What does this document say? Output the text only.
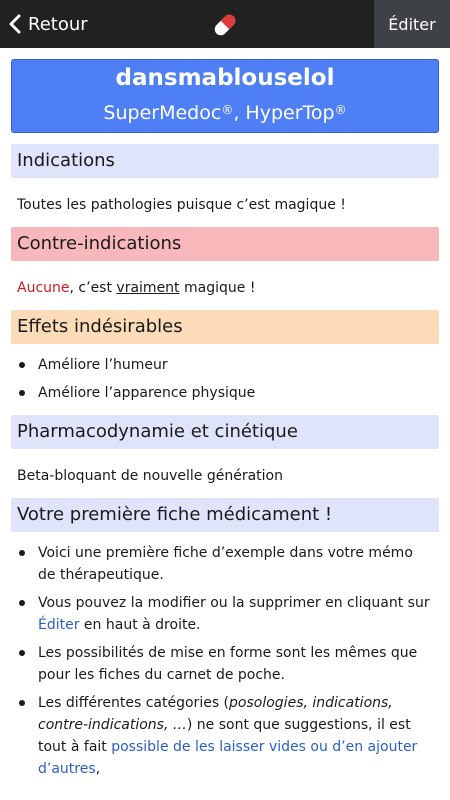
Retour	Éditer
dansmablouselol
SuperMedoc®, HyperTop®
Indications
Toutes les pathologies puisque c’est magique !
Contre-indications
Aucune, c’est vraiment magique !
Effets indésirables
Améliore l’humeur
Améliore l’apparence physique
Pharmacodynamie et cinétique
Beta-bloquant de nouvelle génération
Votre première fiche médicament !
Voici une première fiche d’exemple dans votre mémo de thérapeutique.
Vous pouvez la modifier ou la supprimer en cliquant sur Éditer en haut à droite.
Les possibilités de mise en forme sont les mêmes que pour les fiches du carnet de poche.
Les différentes catégories (posologies, indications, contre-indications, …) ne sont que suggestions, il est tout à fait possible de les laisser vides ou d’en ajouter d’autres,
